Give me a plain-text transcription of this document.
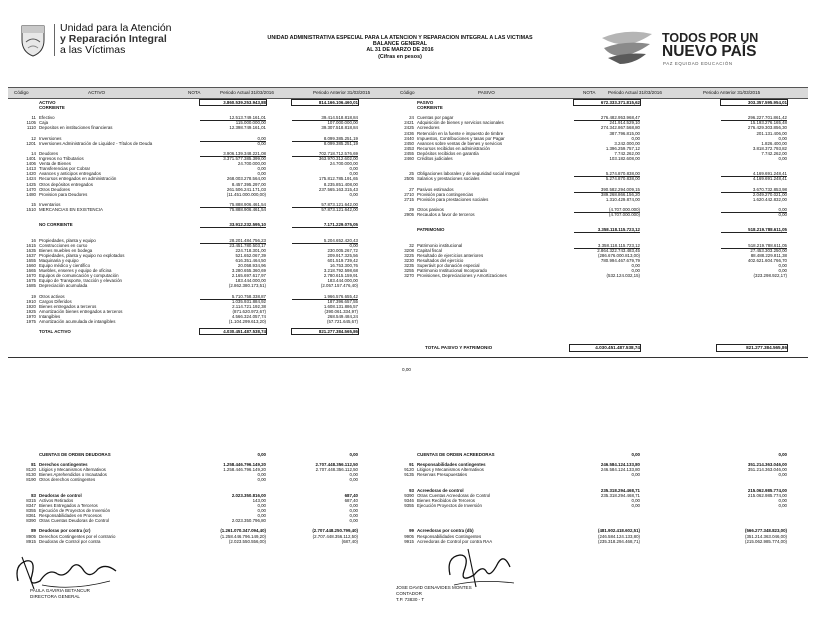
Unidad para la Atención
y Reparación Integral
a las Víctimas
UNIDAD ADMINISTRATIVA ESPECIAL PARA LA ATENCION Y REPARACION INTEGRAL A LAS VICTIMAS
BALANCE GENERAL
AL 31 DE MARZO DE 2016
(Cifras en pesos)
TODOS POR UN
NUEVO PAÍS
PAZ EQUIDAD EDUCACIÓN
Código	ACTIVO	NOTA	Periodo Actual 31/03/2016	Periodo Anterior 31/03/2015	Código	PASIVO	NOTA	Periodo Actual 31/03/2016	Periodo Anterior 31/03/2015
ACTIVO	3.860.539.253.943,88	814.166.106.460,01
CORRIENTE
11 Efectivo	12.513.749.161,01	39.414.518.818,84
1105 Caja	115.000.000,00	107.000.000,00
1110 Depositos en instituciones financieras	12.398.749.161,01	39.307.518.818,84
12 Inversiones	0,00	8.099.385.251,19
1201 Inversiones Administración de Liquidez - Títulos de Deuda	0,00	8.099.385.251,19
14 Deudores	3.906.139.348.221,08	702.718.712.576,69
1401 Ingresos no Tributarios	3.371.577.385.399,00	363.970.312.602,00
1406 Venta de Bienes	24.700.000,00	24.700.000,00
1413 Transferencias por Cobrar	0,00	0,00
1420 Avances y anticipos entregados	0,00	0,00
1424 Recursos entregados en administración	268.003.278.564,00	175.812.785.191,65
1425 Otros depósitos entregados	8.457.395.297,00	8.235.851.408,00
1470 Otros Deudores	261.506.241.171,03	237.565.163.315,43
1480 Provision para Deudores	(11.451.000.000,00)	0,00
15 Inventarios	75.888.906.461,54	57.873.121.642,00
1510 MERCANCIAS EN EXISTENCIA	75.888.906.461,54	57.873.121.642,00
NO CORRIENTE	33.912.232.595,10	7.171.229.075,05
16 Propiedades, planta y equipo	28.201.484.756,23	5.204.652.420,43
1615 Construcciones en curso	23.451.780.503,17	0,00
1635 Bienes muebles en bodega	224.718.301,00	230.005.267,72
1637 Propiedades, planta y equipo no explotados	521.652.067,39	209.917.325,56
1655 Maquinaria y equipo	616.351.464,50	601.519.739,42
1660 Equipo médico y científico	20.058.934,96	16.753.300,76
1665 Muebles, enseres y equipo de oficina	3.280.655.360,69	3.218.792.598,68
1670 Equipos de comunicación y computación	2.165.697.617,97	2.780.615.159,91
1675 Equipo de Transporte, tracción y elevación	183.444.000,00	183.444.000,00
1685 Depreciación acumulada	(2.862.380.173,51)	(2.057.157.476,40)
19 Otros activos	5.710.758.338,87	1.966.576.655,42
1910 Cargos Diferidos	1.035.931.884,92	187.396.657,55
1920 Bienes entregados a terceros	2.114.721.192,38	1.608.131.886,57
1925 Amortización bienes entregados a terceros	(871.620.972,67)	(390.061.334,97)
1970 Intangibles	4.566.324.057,74	268.549.484,24
1975 Amortización acumulada de intangibles	(1.104.299.613,20)	(57.721.645,67)
TOTAL ACTIVO	4.030.451.487.538,74	821.277.384.565,86
PASIVO	672.333.371.815,62	303.357.595.954,01
CORRIENTE
24 Cuentas por pagar	276.482.953.968,47	296.227.701.861,42
2421 Adquisición de bienes y servicios nacionales	241.914.529,10	15.193.276.165,48
2425 Acreedores	274.342.867.568,80	276.429.303.856,30
2436 Retención en la fuente e impuesto de timbre	387.796.815,00	201.131.406,00
2440 Impuestos, Contribuciones y tasas por Pagar	0,00	0,00
2450 Avances sobre ventas de bienes y servicios	3.242.000,00	1.826.400,00
2453 Recursos recibidos en administración	1.396.259.757,12	3.818.372.793,82
2455 Depósitos recibidos en garantía	7.742.262,00	7.742.262,00
2460 Créditos judiciales	103.182.608,00	0,00
25 Obligaciones laborales y de seguridad social integral	5.274.870.838,00	4.169.691.248,41
2505 Salarios y prestaciones sociales	5.274.870.838,00	4.169.691.248,41
27 Pasivos estimados	390.582.294.009,15	3.670.732.853,98
2710 Provisión para contingencias	389.268.866.156,20	2.049.270.021,00
2715 Provisión para prestaciones sociales	1.310.429.874,00	1.620.442.832,00
29 Otros pasivos	(4.707.000.000)	0,00
2905 Recaudos a favor de terceros	(4.707.000.000)	0,00
PATRIMONIO	3.358.118.115.723,12	518.219.788.611,05
32 Patrimonio institucional	3.358.118.115.723,12	518.219.788.611,05
3208 Capital fiscal	2.864.322.743.483,45	27.453.303.250,00
3225 Resultado de ejercicios anteriores	(286.676.000.813,00)	88.488.229.811,38
3230 Resultados del ejercicio	780.994.467.679,79	402.621.604.766,70
3235 Superávit por donación especial	0,00	0,00
3255 Patrimonio Institucional Incorporado	0,00	0,00
3270 Provisiones, Depreciaciones y Amortizaciones	(532.124.032,15)	(323.298.922,17)
TOTAL PASIVO Y PATRIMONIO	4.030.451.487.538,74	821.277.384.565,86
0,00
CUENTAS DE ORDEN DEUDORAS	0,00	0,00
81 Derechos contingentes	1.258.446.796.149,20	2.707.448.356.112,50
8120 Litigios y Mecanismos Alternativos	1.258.446.796.149,20	2.707.448.356.112,50
8130 Bienes Aprehendidos o Incautados	0,00	0,00
8190 Otros derechos contingentes	0,00	0,00
83 Deudoras de control	2.023.350.816,00	687,40
8315 Activos Retirados	143,00	687,40
8347 Bienes Entregados a Terceros	0,00	0,00
8355 Ejecución de Proyectos de Inversión	0,00	0,00
8361 Responsabilidades en Procesos	0,00	0,00
8390 Otras Cuentas Deudoras de Control	2.023.350.796,80	0,00
89 Deudoras por contra (cr)	(1.261.070.347.094,40)	(2.707.448.250.799,40)
8905 Derechos Contingentes por el contrario	(1.258.446.796.149,20)	(2.707.448.356.112,50)
8915 Deudoras de Control por contra	(2.023.550.556,00)	(687,40)
CUENTAS DE ORDEN ACREEDORAS	0,00	0,00
91 Responsabilidades contingentes	246.584.124.133,80	351.214.363.046,00
9120 Litigios y Mecanismos Alternativos	246.584.124.133,80	351.214.363.046,00
9135 Reservas Presupuestales	0,00	0,00
93 Acreedoras de control	235.318.294.468,71	215.062.985.774,00
9390 Otras Cuentas Acreedoras de Control	235.318.294.468,71	215.062.985.774,00
9346 Bienes Recibidos de Terceros	0,00	0,00
9355 Ejecución Proyectos de Inversión	0,00	0,00
99 Acreedoras por contra (db)	(481.902.418.602,51)	(566.277.348.823,00)
9905 Responsabilidades Contingentes	(246.584.124.133,80)	(351.214.363.046,00)
9915 Acreedoras de Control por contra RAA	(235.318.294.468,71)	(215.062.985.774,00)
PAULA GAVIRIA BETANCUR
DIRECTORA GENERAL
JOSE DAVID GENAVIDES MONTES
CONTADOR
T.P. 73830 - T
